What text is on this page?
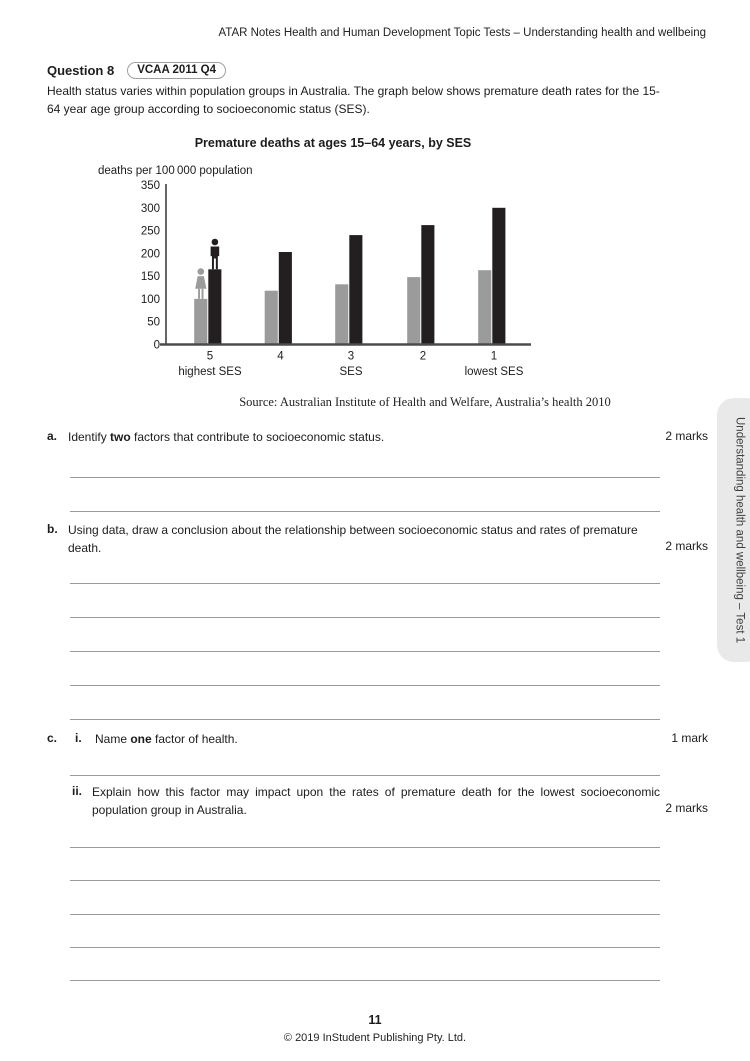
ATAR Notes Health and Human Development Topic Tests – Understanding health and wellbeing
Question 8	VCAA 2011 Q4
Health status varies within population groups in Australia. The graph below shows premature death rates for the 15-64 year age group according to socioeconomic status (SES).
Premature deaths at ages 15–64 years, by SES
deaths per 100 000 population
0
50
100
150
200
250
300
350
5	4	3	2	1
highest SES	SES	lowest SES
Source: Australian Institute of Health and Welfare, Australia’s health 2010
a. Identify two factors that contribute to socioeconomic status.	2 marks
b. Using data, draw a conclusion about the relationship between socioeconomic status and rates of premature death.	2 marks
c. i. Name one factor of health.	1 mark
ii. Explain how this factor may impact upon the rates of premature death for the lowest socioeconomic population group in Australia.	2 marks
11
© 2019 InStudent Publishing Pty. Ltd.
Understanding health and wellbeing – Test 1
